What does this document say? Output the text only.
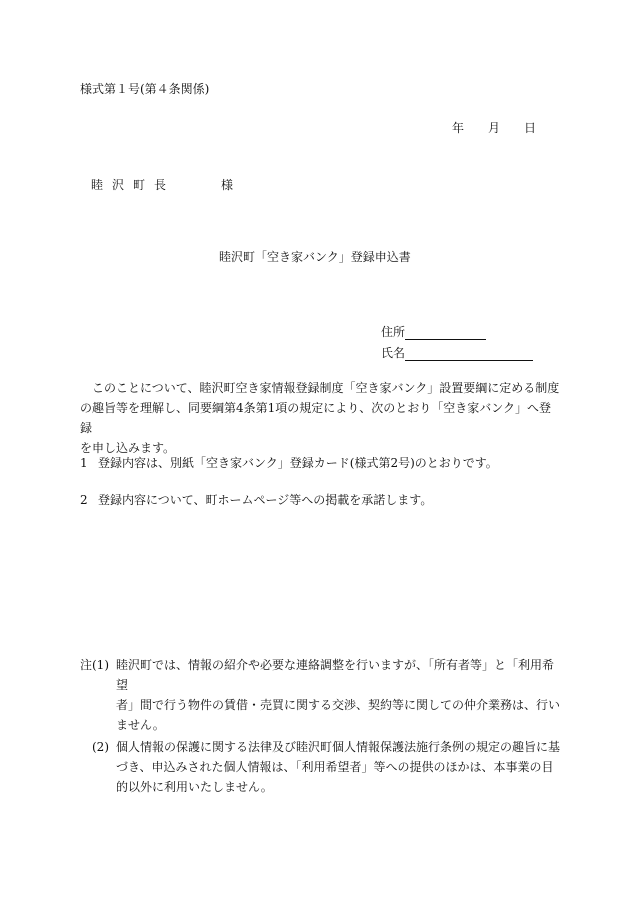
様式第１号(第４条関係)
年 月 日
睦沢町長	様
睦沢町「空き家バンク」登録申込書
住所
氏名
このことについて、睦沢町空き家情報登録制度「空き家バンク」設置要綱に定める制度
の趣旨等を理解し、同要綱第4条第1項の規定により、次のとおり「空き家バンク」へ登録
を申し込みます。
1 登録内容は、別紙「空き家バンク」登録カード(様式第2号)のとおりです。
2 登録内容について、町ホームページ等への掲載を承諾します。
注(1) 睦沢町では、情報の紹介や必要な連絡調整を行いますが、「所有者等」と「利用希望
者」間で行う物件の賃借・売買に関する交渉、契約等に関しての仲介業務は、行い
ません。
(2) 個人情報の保護に関する法律及び睦沢町個人情報保護法施行条例の規定の趣旨に基
づき、申込みされた個人情報は、「利用希望者」等への提供のほかは、本事業の目
的以外に利用いたしません。
